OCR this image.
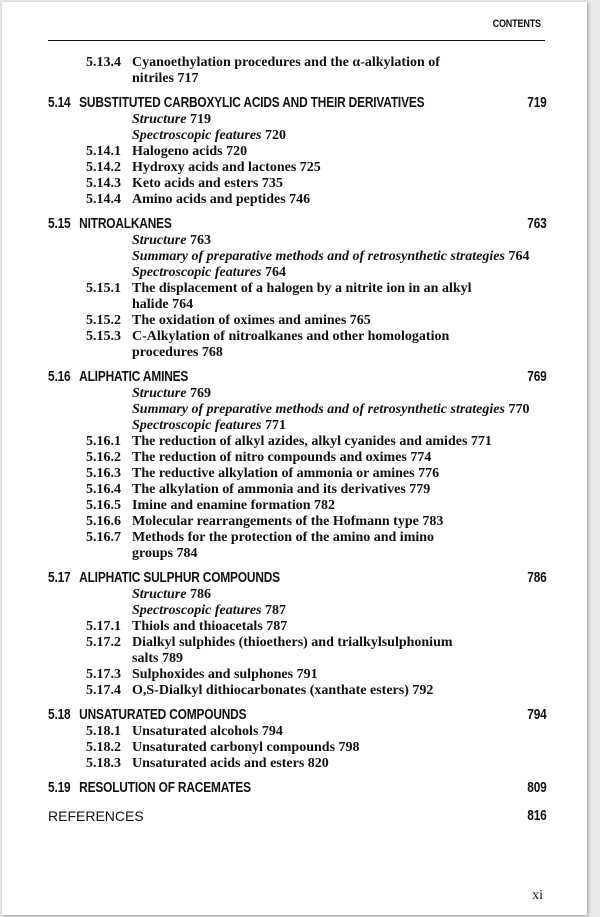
CONTENTS
5.13.4 Cyanoethylation procedures and the α-alkylation of
nitriles 717
5.14 SUBSTITUTED CARBOXYLIC ACIDS AND THEIR DERIVATIVES	719
Structure 719
Spectroscopic features 720
5.14.1 Halogeno acids 720
5.14.2 Hydroxy acids and lactones 725
5.14.3 Keto acids and esters 735
5.14.4 Amino acids and peptides 746
5.15 NITROALKANES	763
Structure 763
Summary of preparative methods and of retrosynthetic strategies 764
Spectroscopic features 764
5.15.1 The displacement of a halogen by a nitrite ion in an alkyl
halide 764
5.15.2 The oxidation of oximes and amines 765
5.15.3 C-Alkylation of nitroalkanes and other homologation
procedures 768
5.16 ALIPHATIC AMINES	769
Structure 769
Summary of preparative methods and of retrosynthetic strategies 770
Spectroscopic features 771
5.16.1 The reduction of alkyl azides, alkyl cyanides and amides 771
5.16.2 The reduction of nitro compounds and oximes 774
5.16.3 The reductive alkylation of ammonia or amines 776
5.16.4 The alkylation of ammonia and its derivatives 779
5.16.5 Imine and enamine formation 782
5.16.6 Molecular rearrangements of the Hofmann type 783
5.16.7 Methods for the protection of the amino and imino
groups 784
5.17 ALIPHATIC SULPHUR COMPOUNDS	786
Structure 786
Spectroscopic features 787
5.17.1 Thiols and thioacetals 787
5.17.2 Dialkyl sulphides (thioethers) and trialkylsulphonium
salts 789
5.17.3 Sulphoxides and sulphones 791
5.17.4 O,S-Dialkyl dithiocarbonates (xanthate esters) 792
5.18 UNSATURATED COMPOUNDS	794
5.18.1 Unsaturated alcohols 794
5.18.2 Unsaturated carbonyl compounds 798
5.18.3 Unsaturated acids and esters 820
5.19 RESOLUTION OF RACEMATES	809
REFERENCES	816
xi
